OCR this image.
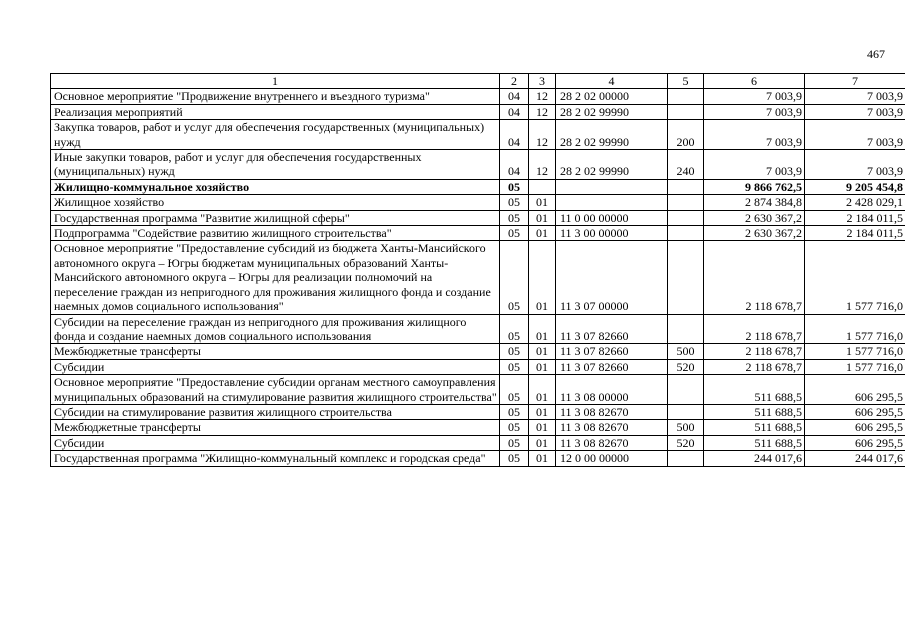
467
1	2	3	4	5	6	7
Основное мероприятие "Продвижение внутреннего и въездного туризма"	04	12	28 2 02 00000		7 003,9	7 003,9
Реализация мероприятий	04	12	28 2 02 99990		7 003,9	7 003,9
Закупка товаров, работ и услуг для обеспечения государственных (муниципальных) нужд	04	12	28 2 02 99990	200	7 003,9	7 003,9
Иные закупки товаров, работ и услуг для обеспечения государственных (муниципальных) нужд	04	12	28 2 02 99990	240	7 003,9	7 003,9
Жилищно-коммунальное хозяйство	05				9 866 762,5	9 205 454,8
Жилищное хозяйство	05	01			2 874 384,8	2 428 029,1
Государственная программа "Развитие жилищной сферы"	05	01	11 0 00 00000		2 630 367,2	2 184 011,5
Подпрограмма "Содействие развитию жилищного строительства"	05	01	11 3 00 00000		2 630 367,2	2 184 011,5
Основное мероприятие "Предоставление субсидий из бюджета Ханты-Мансийского автономного округа – Югры бюджетам муниципальных образований Ханты-Мансийского автономного округа – Югры для реализации полномочий на переселение граждан из непригодного для проживания жилищного фонда и создание наемных домов социального использования"	05	01	11 3 07 00000		2 118 678,7	1 577 716,0
Субсидии на переселение граждан из непригодного для проживания жилищного фонда и создание наемных домов социального использования	05	01	11 3 07 82660		2 118 678,7	1 577 716,0
Межбюджетные трансферты	05	01	11 3 07 82660	500	2 118 678,7	1 577 716,0
Субсидии	05	01	11 3 07 82660	520	2 118 678,7	1 577 716,0
Основное мероприятие "Предоставление субсидии органам местного самоуправления муниципальных образований на стимулирование развития жилищного строительства"	05	01	11 3 08 00000		511 688,5	606 295,5
Субсидии на стимулирование развития жилищного строительства	05	01	11 3 08 82670		511 688,5	606 295,5
Межбюджетные трансферты	05	01	11 3 08 82670	500	511 688,5	606 295,5
Субсидии	05	01	11 3 08 82670	520	511 688,5	606 295,5
Государственная программа "Жилищно-коммунальный комплекс и городская среда"	05	01	12 0 00 00000		244 017,6	244 017,6
